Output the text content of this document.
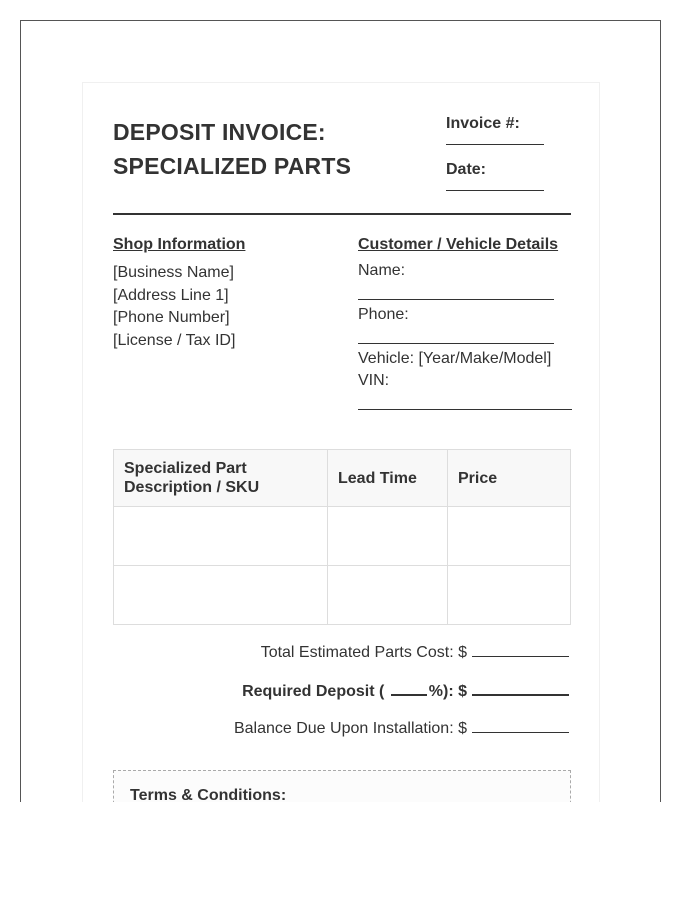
DEPOSIT INVOICE:
SPECIALIZED PARTS
Invoice #:
Date:
Shop Information
[Business Name]
[Address Line 1]
[Phone Number]
[License / Tax ID]
Customer / Vehicle Details
Name:
Phone:
Vehicle: [Year/Make/Model]
VIN:
Specialized Part Description / SKU	Lead Time	Price

Total Estimated Parts Cost: $
Required Deposit (	%): $
Balance Due Upon Installation: $
Terms & Conditions:
